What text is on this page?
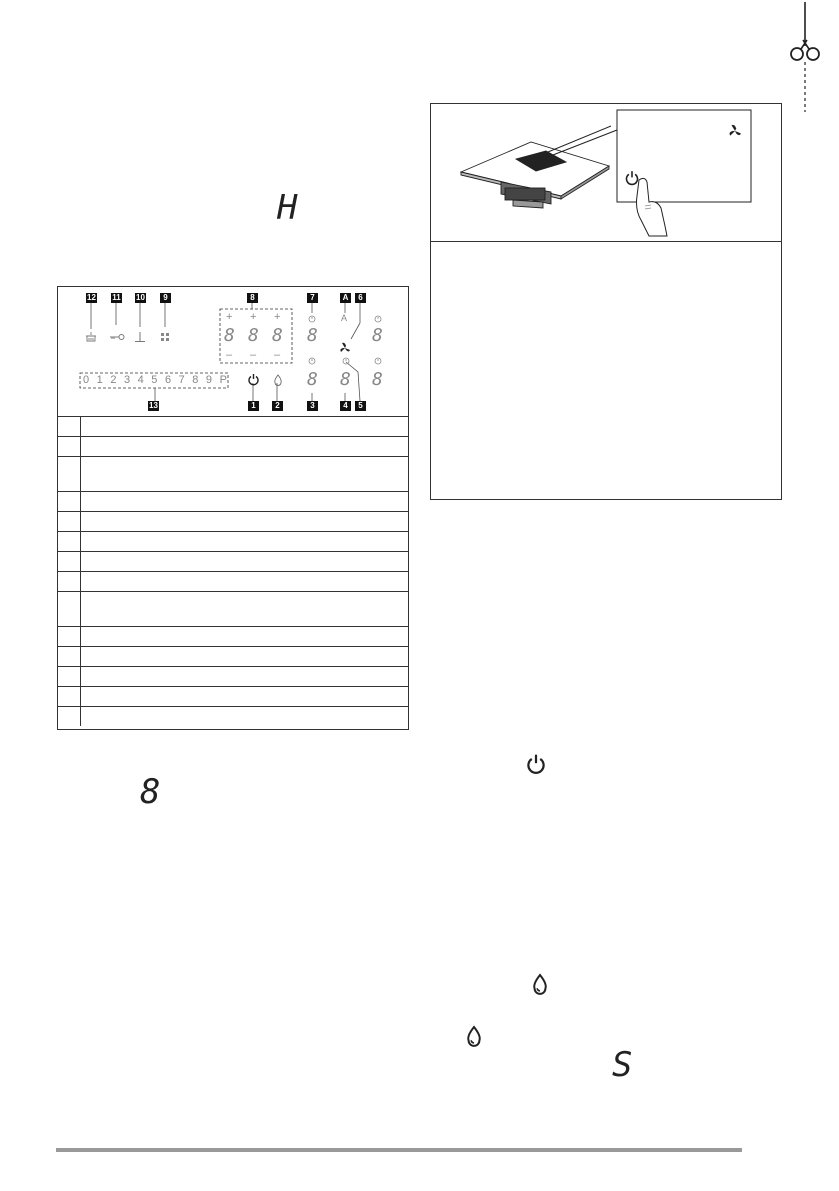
H
12 11 10	9	8	7	A	6
+ + +
8 8 8
– – –
A
8	8
8 8 8
0 1 2 3 4 5 6 7 8 9 P
13	1	2	3	4	5

8
S
